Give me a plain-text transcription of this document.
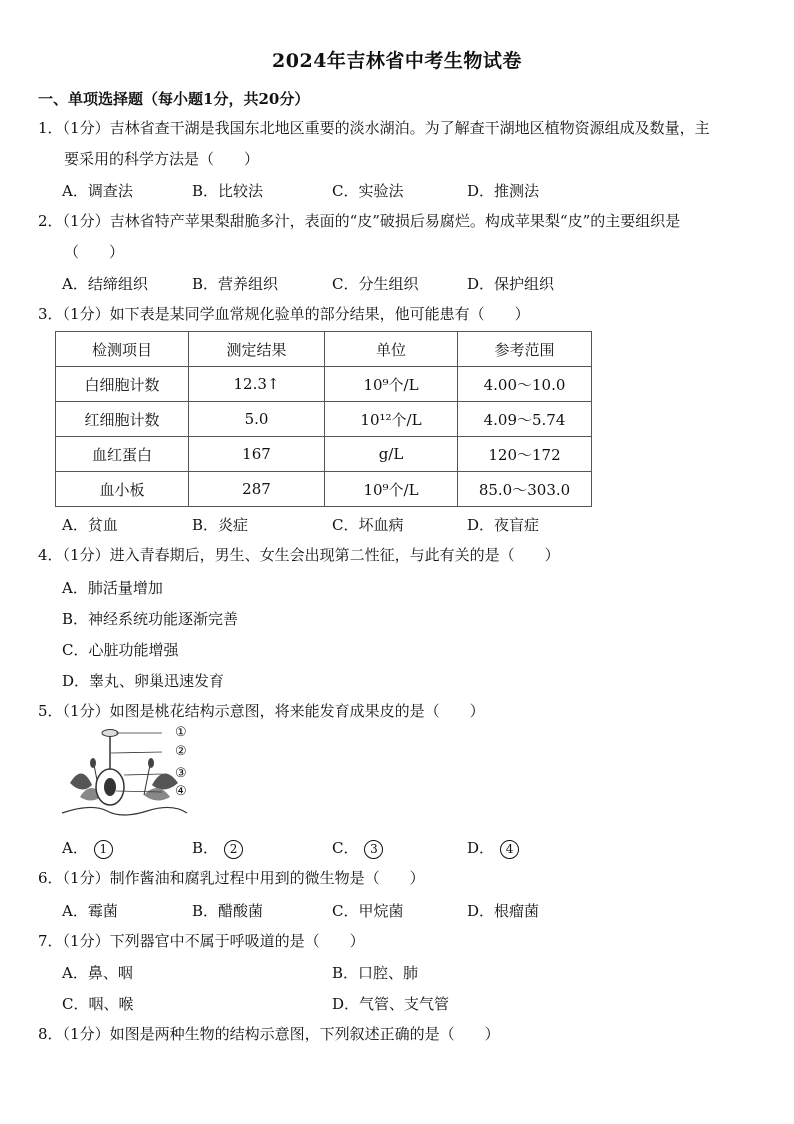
2024年吉林省中考生物试卷
一、单项选择题（每小题1分，共20分）
1．（1分）吉林省查干湖是我国东北地区重要的淡水湖泊。为了解查干湖地区植物资源组成及数量，主
要采用的科学方法是（　　）
A．调查法	B．比较法	C．实验法	D．推测法
2．（1分）吉林省特产苹果梨甜脆多汁，表面的“皮”破损后易腐烂。构成苹果梨“皮”的主要组织是
（　　）
A．结缔组织	B．营养组织	C．分生组织	D．保护组织
3．（1分）如下表是某同学血常规化验单的部分结果，他可能患有（　　）
检测项目	测定结果	单位	参考范围
白细胞计数	12.3↑	10⁹个/L	4.00～10.0
红细胞计数	5.0	10¹²个/L	4.09～5.74
血红蛋白	167	g/L	120～172
血小板	287	10⁹个/L	85.0～303.0
A．贫血	B．炎症	C．坏血病	D．夜盲症
4．（1分）进入青春期后，男生、女生会出现第二性征，与此有关的是（　　）
A．肺活量增加
B．神经系统功能逐渐完善
C．心脏功能增强
D．睾丸、卵巢迅速发育
5．（1分）如图是桃花结构示意图，将来能发育成果皮的是（　　）
①
②
③
④
A． 1	B． 2	C． 3	D． 4
6．（1分）制作酱油和腐乳过程中用到的微生物是（　　）
A．霉菌	B．醋酸菌	C．甲烷菌	D．根瘤菌
7．（1分）下列器官中不属于呼吸道的是（　　）
A．鼻、咽	B．口腔、肺
C．咽、喉	D．气管、支气管
8．（1分）如图是两种生物的结构示意图，下列叙述正确的是（　　）
